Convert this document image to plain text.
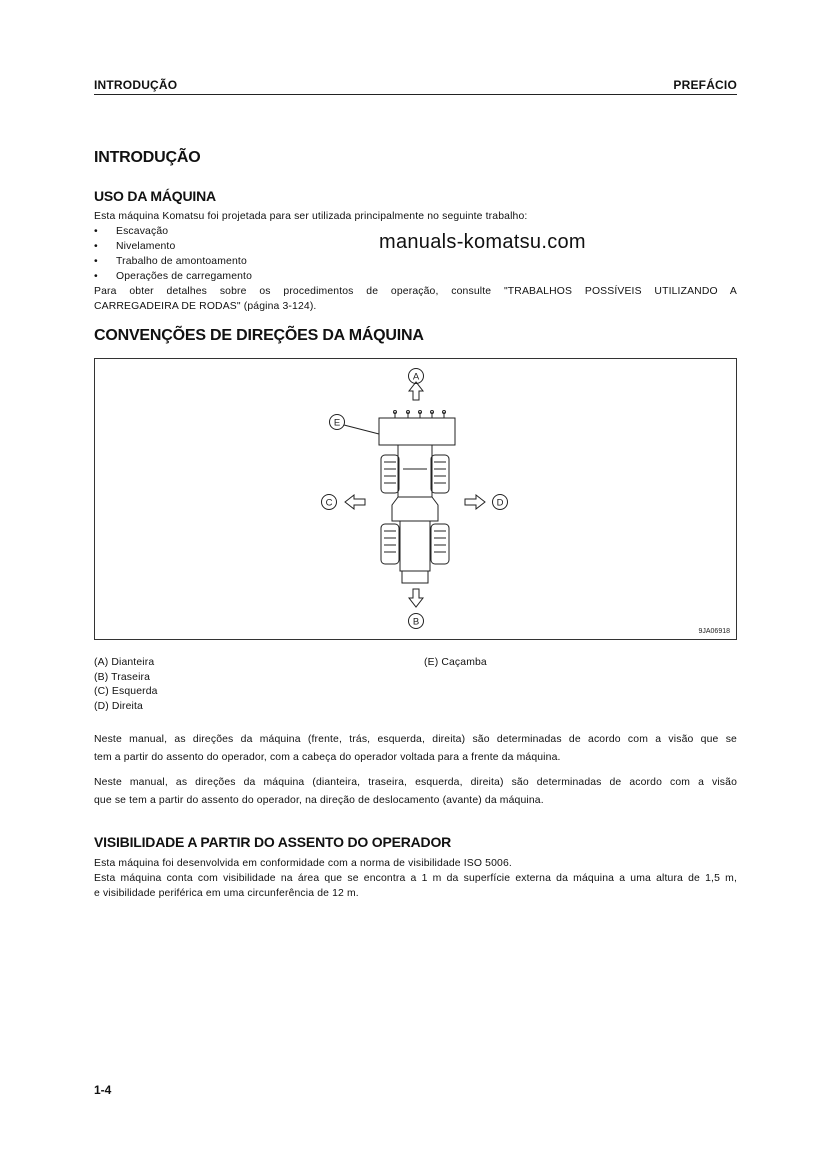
INTRODUÇÃO	PREFÁCIO
INTRODUÇÃO
USO DA MÁQUINA
Esta máquina Komatsu foi projetada para ser utilizada principalmente no seguinte trabalho:
• Escavação
• Nivelamento
• Trabalho de amontoamento
• Operações de carregamento
Para obter detalhes sobre os procedimentos de operação, consulte "TRABALHOS POSSÍVEIS UTILIZANDO A
CARREGADEIRA DE RODAS" (página 3-124).
manuals-komatsu.com
CONVENÇÕES DE DIREÇÕES DA MÁQUINA
A
E
C	D
B
9JA06918

(A) Dianteira

(B) Traseira

(C) Esquerda

(D) Direita

(E) Caçamba

Neste manual, as direções da máquina (frente, trás, esquerda, direita) são determinadas de acordo com a visão que se

tem a partir do assento do operador, com a cabeça do operador voltada para a frente da máquina.

Neste manual, as direções da máquina (dianteira, traseira, esquerda, direita) são determinadas de acordo com a visão

que se tem a partir do assento do operador, na direção de deslocamento (avante) da máquina.

VISIBILIDADE A PARTIR DO ASSENTO DO OPERADOR
Esta máquina foi desenvolvida em conformidade com a norma de visibilidade ISO 5006.
Esta máquina conta com visibilidade na área que se encontra a 1 m da superfície externa da máquina a uma altura de 1,5 m,
e visibilidade periférica em uma circunferência de 12 m.
1-4
